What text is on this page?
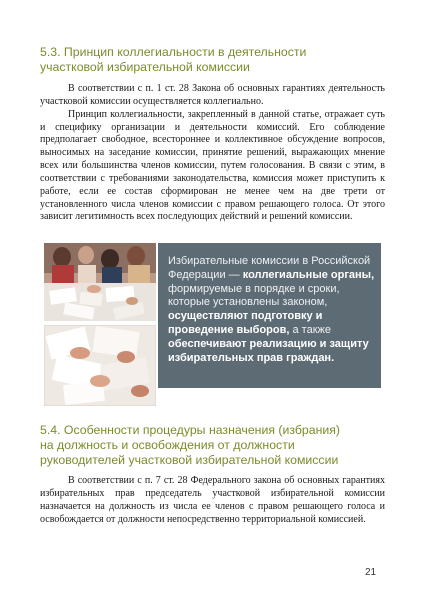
5.3. Принцип коллегиальности в деятельности
участковой избирательной комиссии

В соответствии с п. 1 ст. 28 Закона об основных гарантиях деятельность участковой комиссии осуществляется коллегиально.

Принцип коллегиальности, закрепленный в данной статье, отражает суть и специфику организации и деятельности комиссий. Его соблюдение предполагает свободное, всестороннее и коллективное обсуждение вопросов, выносимых на заседание комиссии, принятие решений, выражающих мнение всех или большинства членов комиссии, путем голосования. В связи с этим, в соответствии с требованиями законодательства, комиссия может приступить к работе, если ее состав сформирован не менее чем на две трети от установленного числа членов комиссии с правом решающего голоса. От этого зависит легитимность всех последующих действий и решений комиссии.

Избирательные комиссии в Российской Федерации — коллегиальные органы, формируемые в порядке и сроки, которые установлены законом, осуществляют подготовку и проведение выборов, а также обеспечивают реализацию и защиту избирательных прав граждан.
5.4. Особенности процедуры назначения (избрания)
на должность и освобождения от должности
руководителей участковой избирательной комиссии

В соответствии с п. 7 ст. 28 Федерального закона об основных гарантиях избирательных прав председатель участковой избирательной комиссии назначается на должность из числа ее членов с правом решающего голоса и освобождается от должности непосредственно территориальной комиссией.

21
